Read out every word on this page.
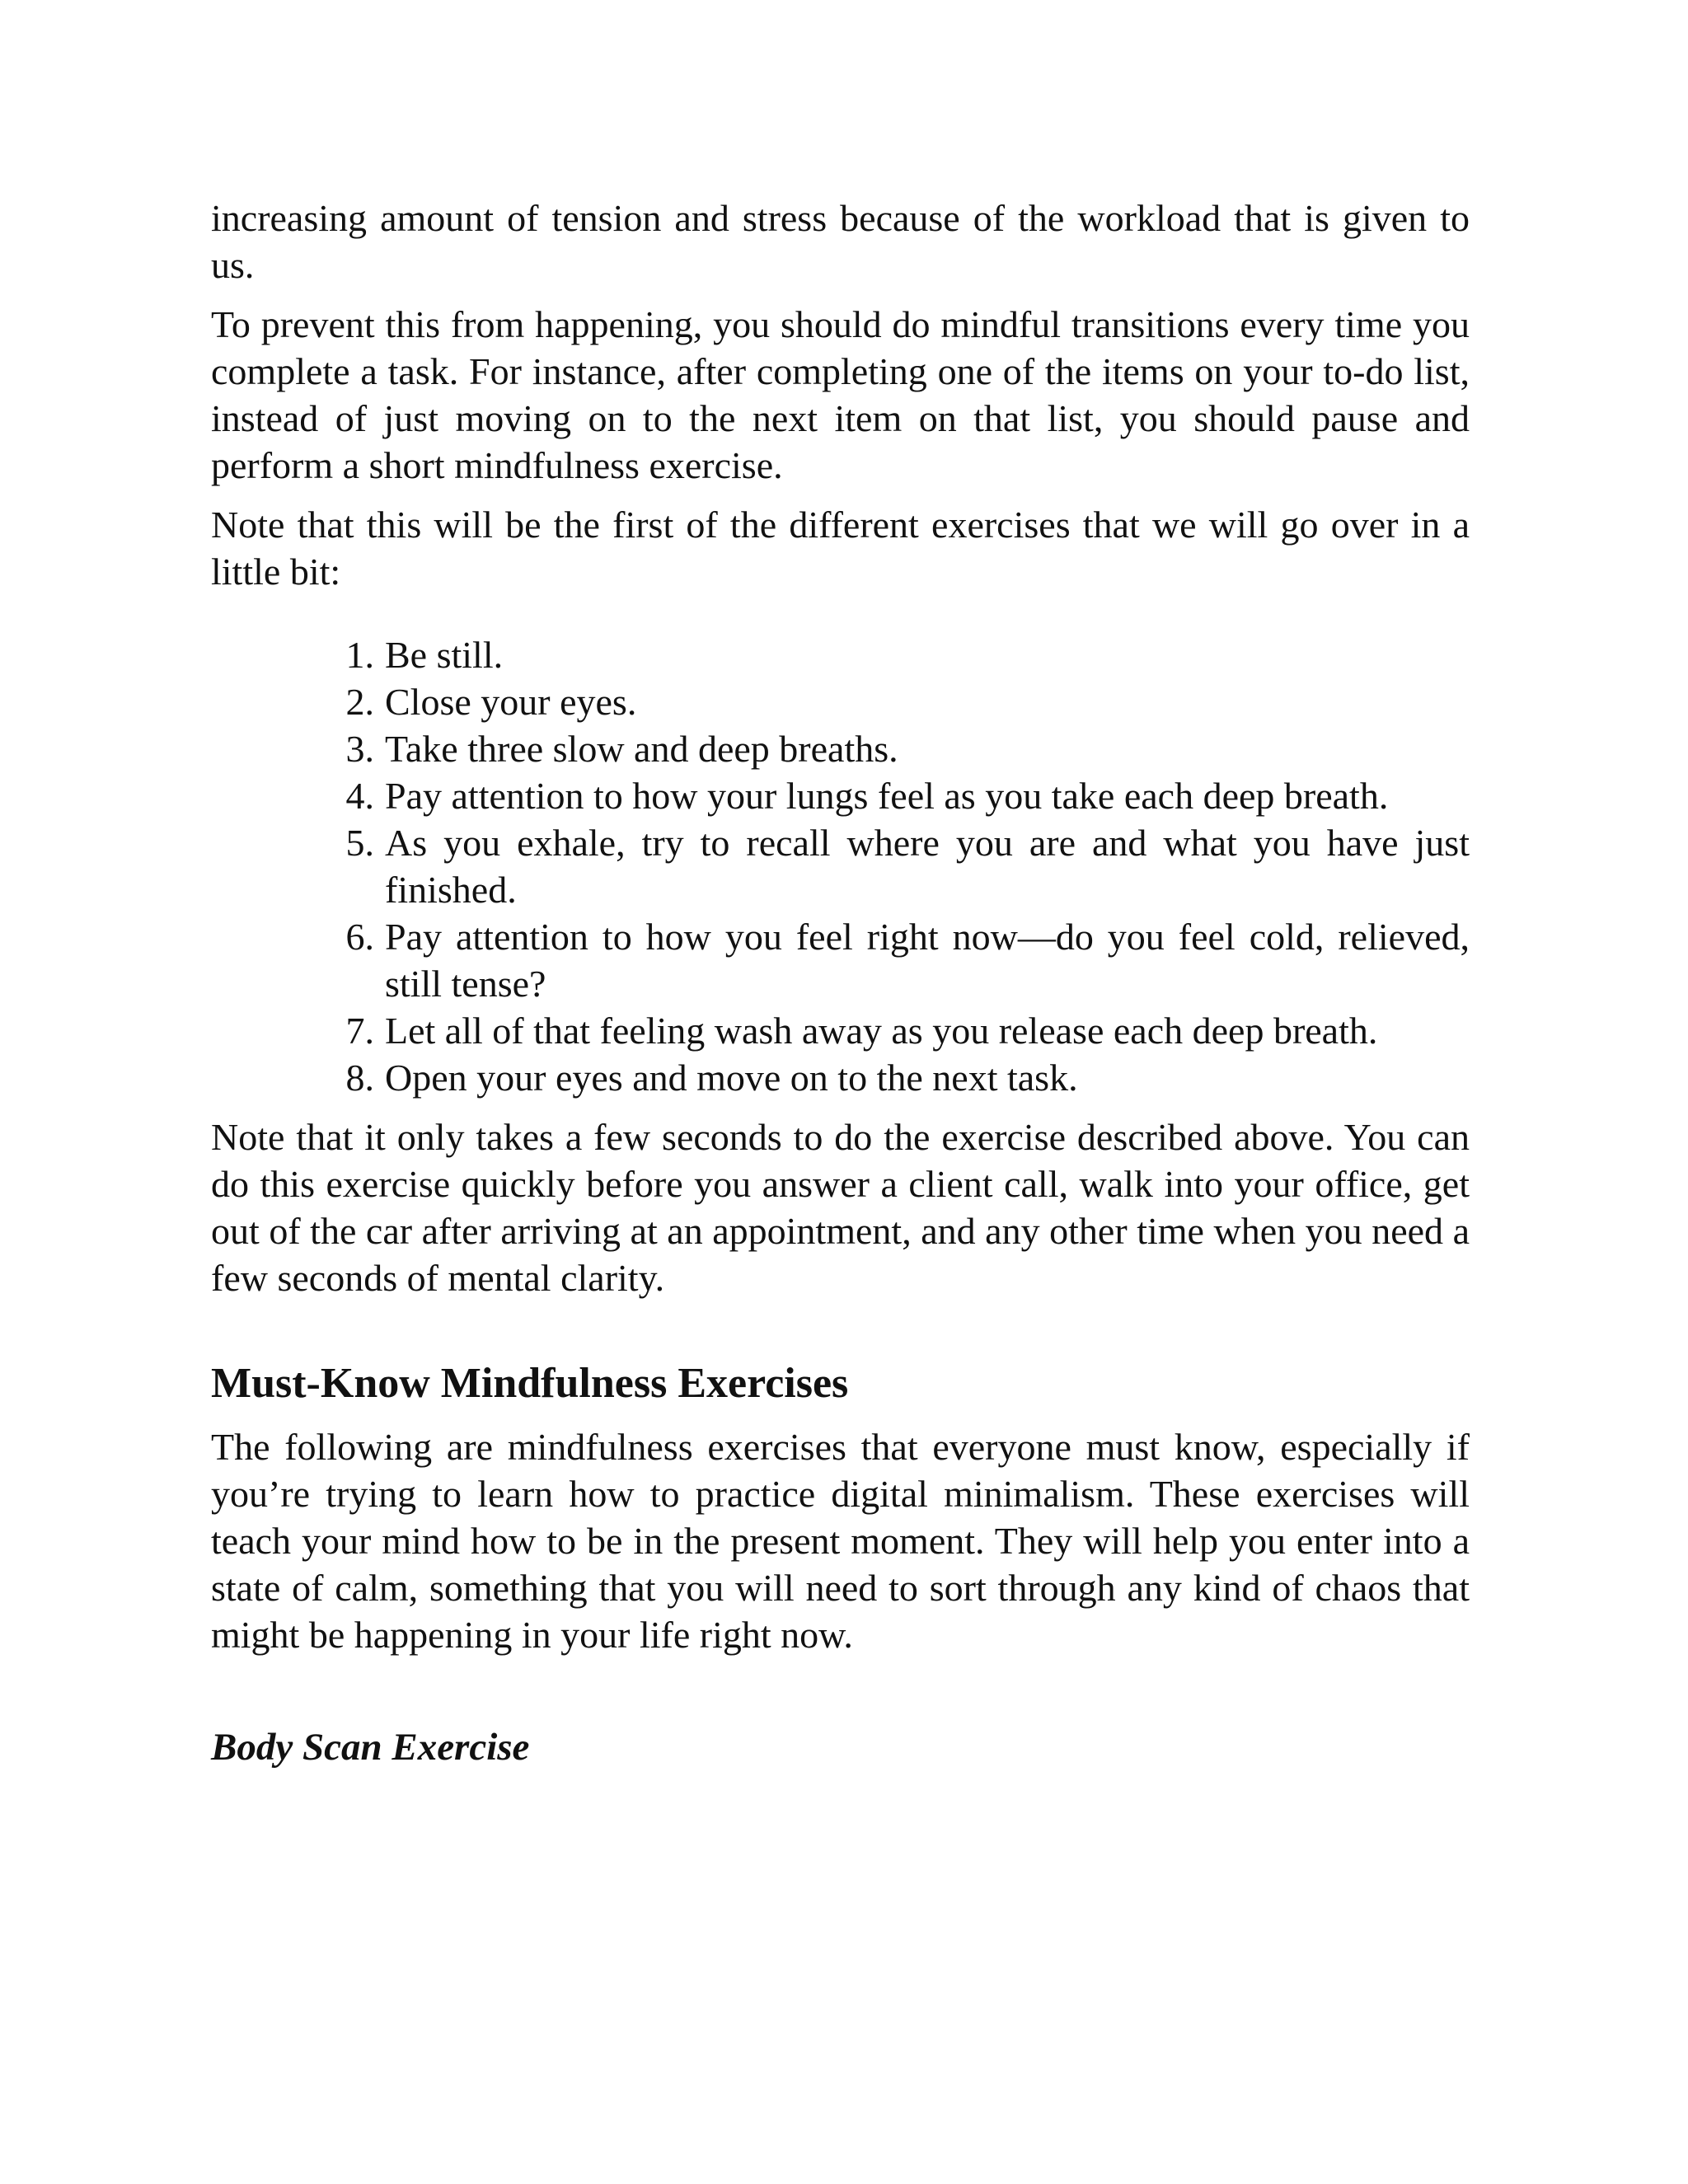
increasing amount of tension and stress because of the workload that is given to us.

To prevent this from happening, you should do mindful transitions every time you complete a task. For instance, after completing one of the items on your to-do list, instead of just moving on to the next item on that list, you should pause and perform a short mindfulness exercise.

Note that this will be the first of the different exercises that we will go over in a little bit:

1. Be still.
2. Close your eyes.
3. Take three slow and deep breaths.
4. Pay attention to how your lungs feel as you take each deep breath.
5. As you exhale, try to recall where you are and what you have just finished.
6. Pay attention to how you feel right now—do you feel cold, relieved, still tense?
7. Let all of that feeling wash away as you release each deep breath.
8. Open your eyes and move on to the next task.

Note that it only takes a few seconds to do the exercise described above. You can do this exercise quickly before you answer a client call, walk into your office, get out of the car after arriving at an appointment, and any other time when you need a few seconds of mental clarity.

Must-Know Mindfulness Exercises

The following are mindfulness exercises that everyone must know, especially if you’re trying to learn how to practice digital minimalism. These exercises will teach your mind how to be in the present moment. They will help you enter into a state of calm, something that you will need to sort through any kind of chaos that might be happening in your life right now.

Body Scan Exercise
